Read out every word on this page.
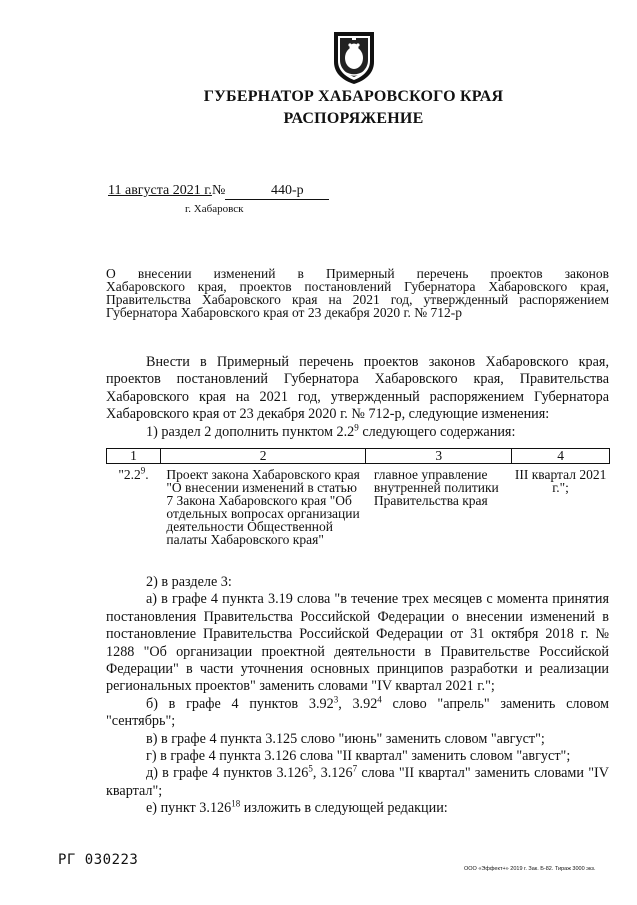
ГУБЕРНАТОР ХАБАРОВСКОГО КРАЯ
РАСПОРЯЖЕНИЕ
11 августа 2021 г.№	440-р
г. Хабаровск
О внесении изменений в Примерный перечень проектов законов
Хабаровского края, проектов постановлений Губернатора Хабаровского края,
Правительства Хабаровского края на 2021 год, утвержденный распоряжением
Губернатора Хабаровского края от 23 декабря 2020 г. № 712-р

Внести в Примерный перечень проектов законов Хабаровского края, проектов постановлений Губернатора Хабаровского края, Правительства Хабаровского края на 2021 год, утвержденный распоряжением Губернатора Хабаровского края от 23 декабря 2020 г. № 712-р, следующие изменения:

1) раздел 2 дополнить пунктом $2.2^9$ следующего содержания:

1	2	3	4
"$2.2^9$.	Проект закона Хабаровского края "О внесении изменений в статью 7 Закона Хабаровского края "Об отдельных вопросах организации деятельности Общественной палаты Хабаровского края"	главное управление внутренней политики Правительства края	III квартал 2021 г.";

2) в разделе 3:

а) в графе 4 пункта 3.19 слова "в течение трех месяцев с момента принятия постановления Правительства Российской Федерации о внесении изменений в постановление Правительства Российской Федерации от 31 октября 2018 г. № 1288 "Об организации проектной деятельности в Правительстве Российской Федерации" в части уточнения основных принципов разработки и реализации региональных проектов" заменить словами "IV квартал 2021 г.";

б) в графе 4 пунктов 3.92$^3$, 3.92$^4$ слово "апрель" заменить словом "сентябрь";

в) в графе 4 пункта 3.125 слово "июнь" заменить словом "август";

г) в графе 4 пункта 3.126 слова "II квартал" заменить словом "август";

д) в графе 4 пунктов 3.126$^5$, 3.126$^7$ слова "II квартал" заменить словами "IV квартал";

е) пункт 3.126$^{18}$ изложить в следующей редакции:

РГ 030223
ООО «Эффект+» 2019 г. Зак. Б-82. Тираж 3000 экз.
